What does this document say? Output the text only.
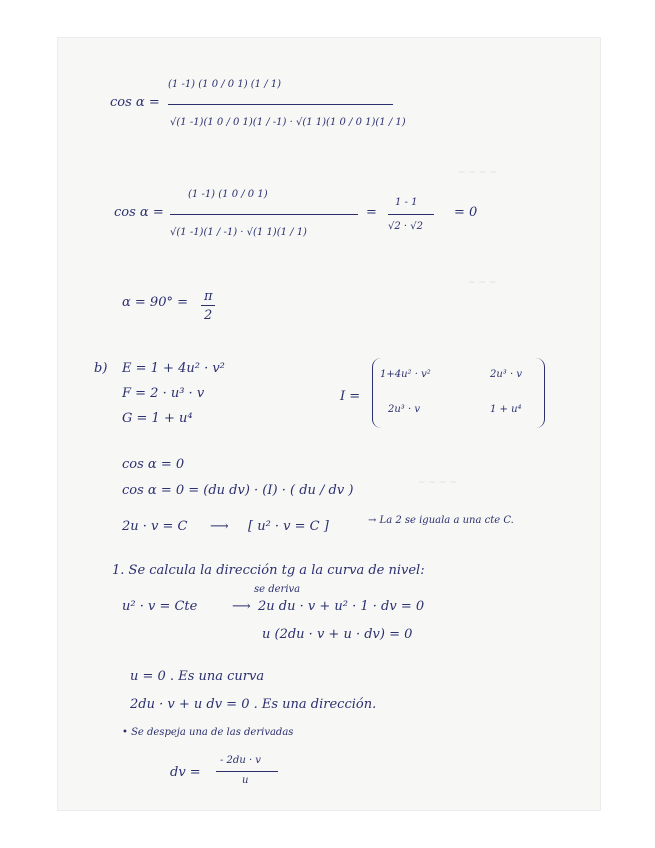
~ ~ ~ ~
~ ~ ~
~ ~ ~ ~
cos α =
(1 -1) (1 0 / 0 1) (1 / 1)
√(1 -1)(1 0 / 0 1)(1 / -1) · √(1 1)(1 0 / 0 1)(1 / 1)
cos α =
(1 -1) (1 0 / 0 1)
√(1 -1)(1 / -1) · √(1 1)(1 / 1)
=
1 - 1
√2 · √2
= 0
α = 90° = π
2
b) E = 1 + 4u² · v²
F = 2 · u³ · v
G = 1 + u⁴
I =
1+4u² · v²	2u³ · v
2u³ · v	1 + u⁴
cos α = 0
cos α = 0 = (du dv) · (I) · ( du / dv )
2u · v = C ⟶ [ u² · v = C ]	→ La 2 se iguala a una cte C.
1. Se calcula la dirección tg a la curva de nivel:
se deriva
u² · v = Cte	⟶ 2u du · v + u² · 1 · dv = 0
u (2du · v + u · dv) = 0
u = 0 . Es una curva
2du · v + u dv = 0 . Es una dirección.
• Se despeja una de las derivadas
dv =
- 2du · v
u
